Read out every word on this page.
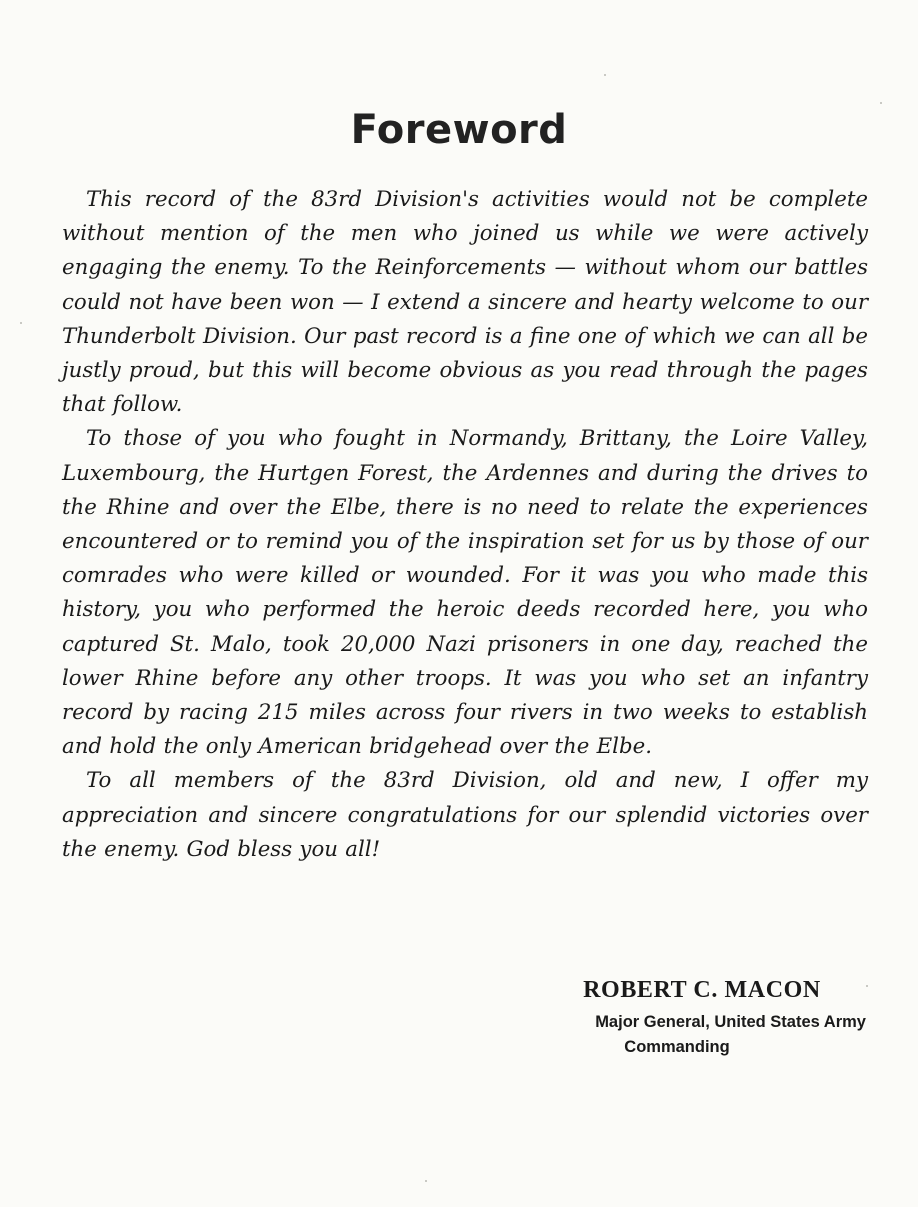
Foreword

This record of the 83rd Division's activities would not be complete without mention of the men who joined us while we were actively engaging the enemy. To the Reinforcements — without whom our battles could not have been won — I extend a sincere and hearty welcome to our Thunderbolt Division. Our past record is a fine one of which we can all be justly proud, but this will become obvious as you read through the pages that follow.

To those of you who fought in Normandy, Brittany, the Loire Valley, Luxembourg, the Hurtgen Forest, the Ardennes and during the drives to the Rhine and over the Elbe, there is no need to relate the experiences encountered or to remind you of the inspiration set for us by those of our comrades who were killed or wounded. For it was you who made this history, you who performed the heroic deeds recorded here, you who captured St. Malo, took 20,000 Nazi prisoners in one day, reached the lower Rhine before any other troops. It was you who set an infantry record by racing 215 miles across four rivers in two weeks to establish and hold the only American bridgehead over the Elbe.

To all members of the 83rd Division, old and new, I offer my appreciation and sincere congratulations for our splendid victories over the enemy. God bless you all!

ROBERT C. MACON
Major General, United States Army
Commanding
